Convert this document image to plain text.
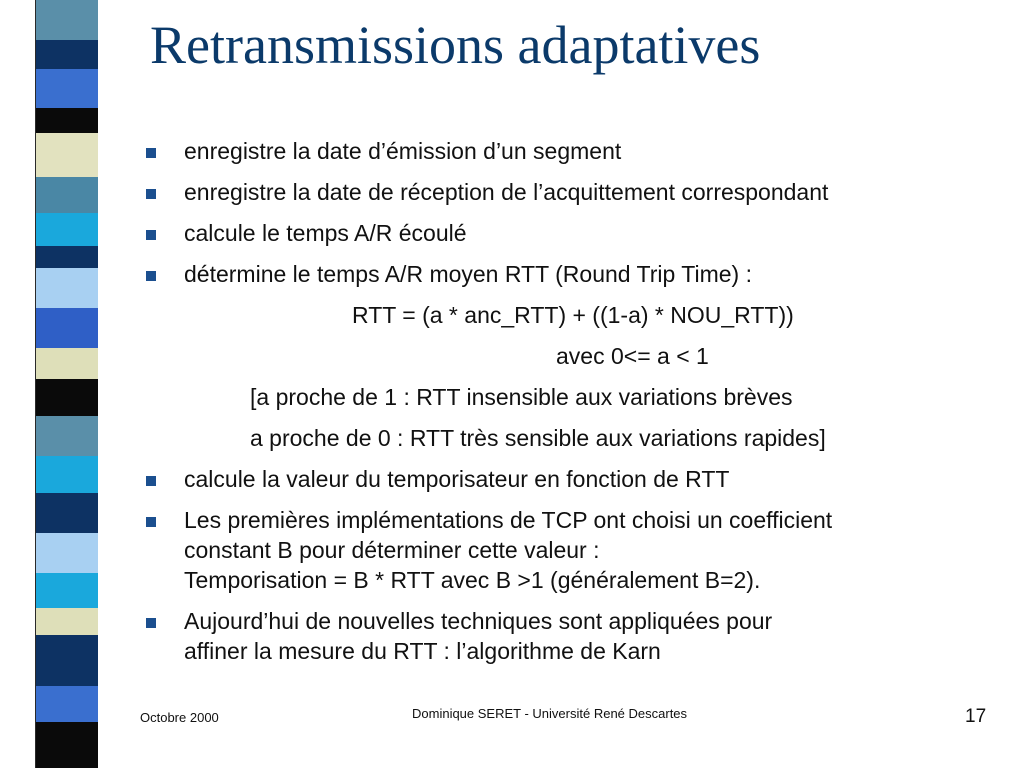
Retransmissions adaptatives
enregistre la date d’émission d’un segment
enregistre la date de réception de l’acquittement correspondant
calcule le temps A/R écoulé
détermine le temps A/R moyen RTT (Round Trip Time) :
RTT = (a * anc_RTT) + ((1-a) * NOU_RTT))
avec 0<= a < 1
[a proche de 1 : RTT insensible aux variations brèves
a proche de 0 : RTT très sensible aux variations rapides]
calcule la valeur du temporisateur en fonction de RTT
Les premières implémentations de TCP ont choisi un coefficient
constant B pour déterminer cette valeur :
Temporisation = B * RTT avec B >1 (généralement B=2).
Aujourd’hui de nouvelles techniques sont appliquées pour
affiner la mesure du RTT : l’algorithme de Karn
Octobre 2000	Dominique SERET - Université René Descartes	17
